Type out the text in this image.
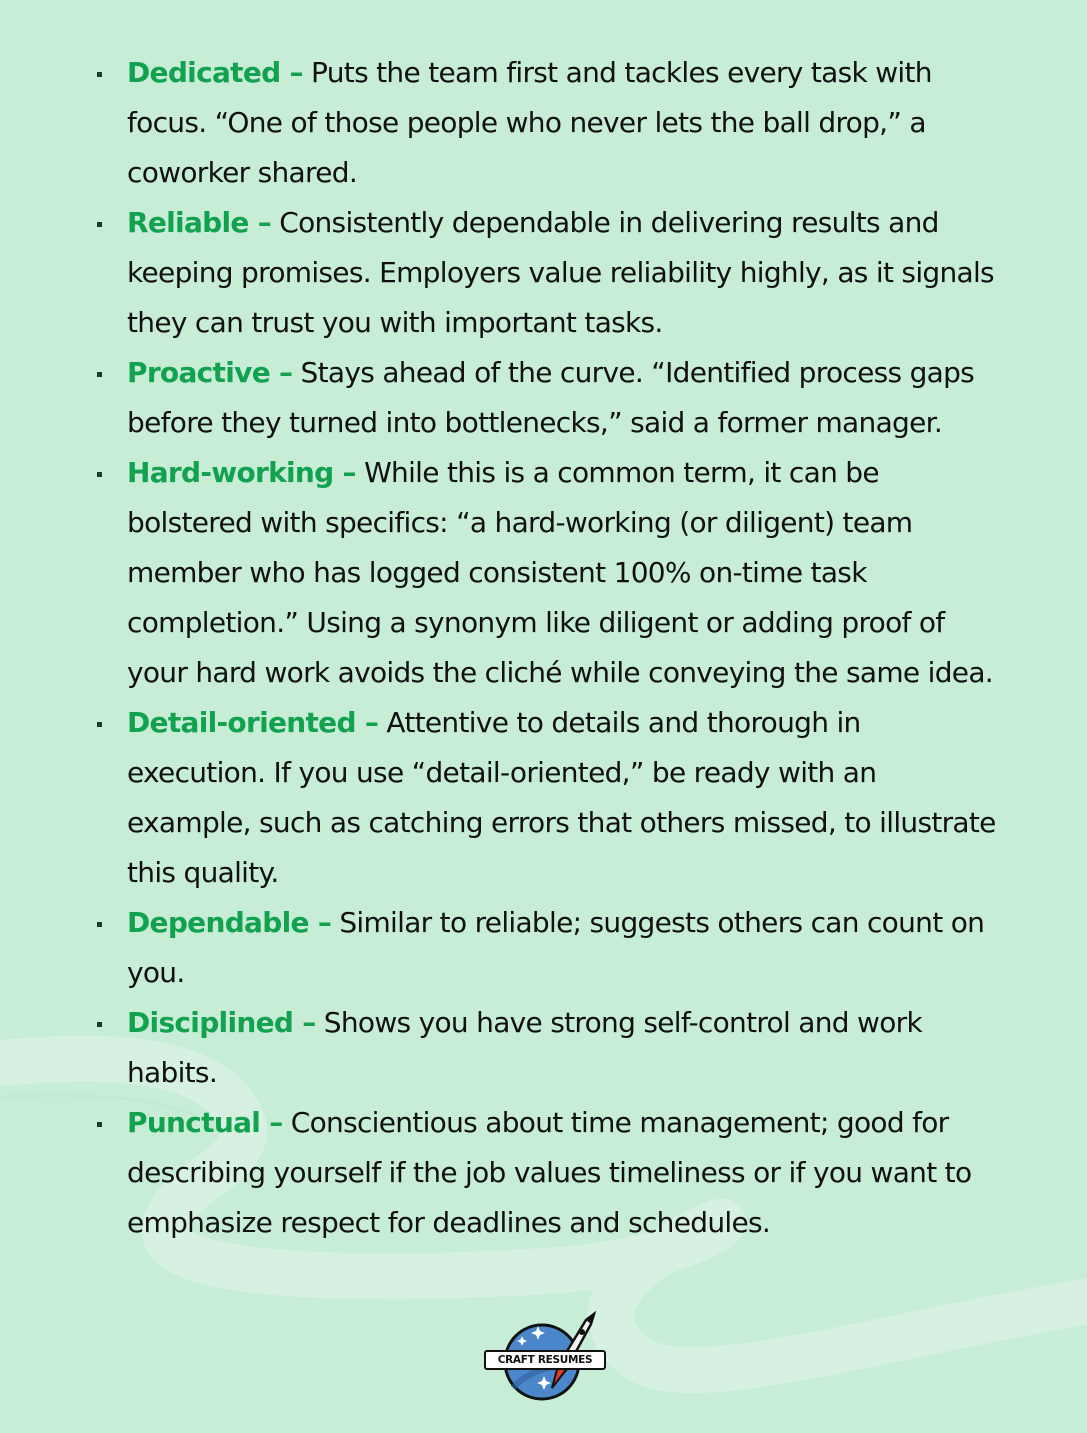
Dedicated – Puts the team first and tackles every task with focus. “One of those people who never lets the ball drop,” a coworker shared.
Reliable – Consistently dependable in delivering results and keeping promises. Employers value reliability highly, as it signals they can trust you with important tasks.
Proactive – Stays ahead of the curve. “Identified process gaps before they turned into bottlenecks,” said a former manager.
Hard-working – While this is a common term, it can be bolstered with specifics: “a hard-working (or diligent) team member who has logged consistent 100% on-time task completion.” Using a synonym like diligent or adding proof of your hard work avoids the cliché while conveying the same idea.
Detail-oriented – Attentive to details and thorough in execution. If you use “detail-oriented,” be ready with an example, such as catching errors that others missed, to illustrate this quality.
Dependable – Similar to reliable; suggests others can count on you.
Disciplined – Shows you have strong self-control and work habits.
Punctual – Conscientious about time management; good for describing yourself if the job values timeliness or if you want to emphasize respect for deadlines and schedules.
CRAFT RESUMES
